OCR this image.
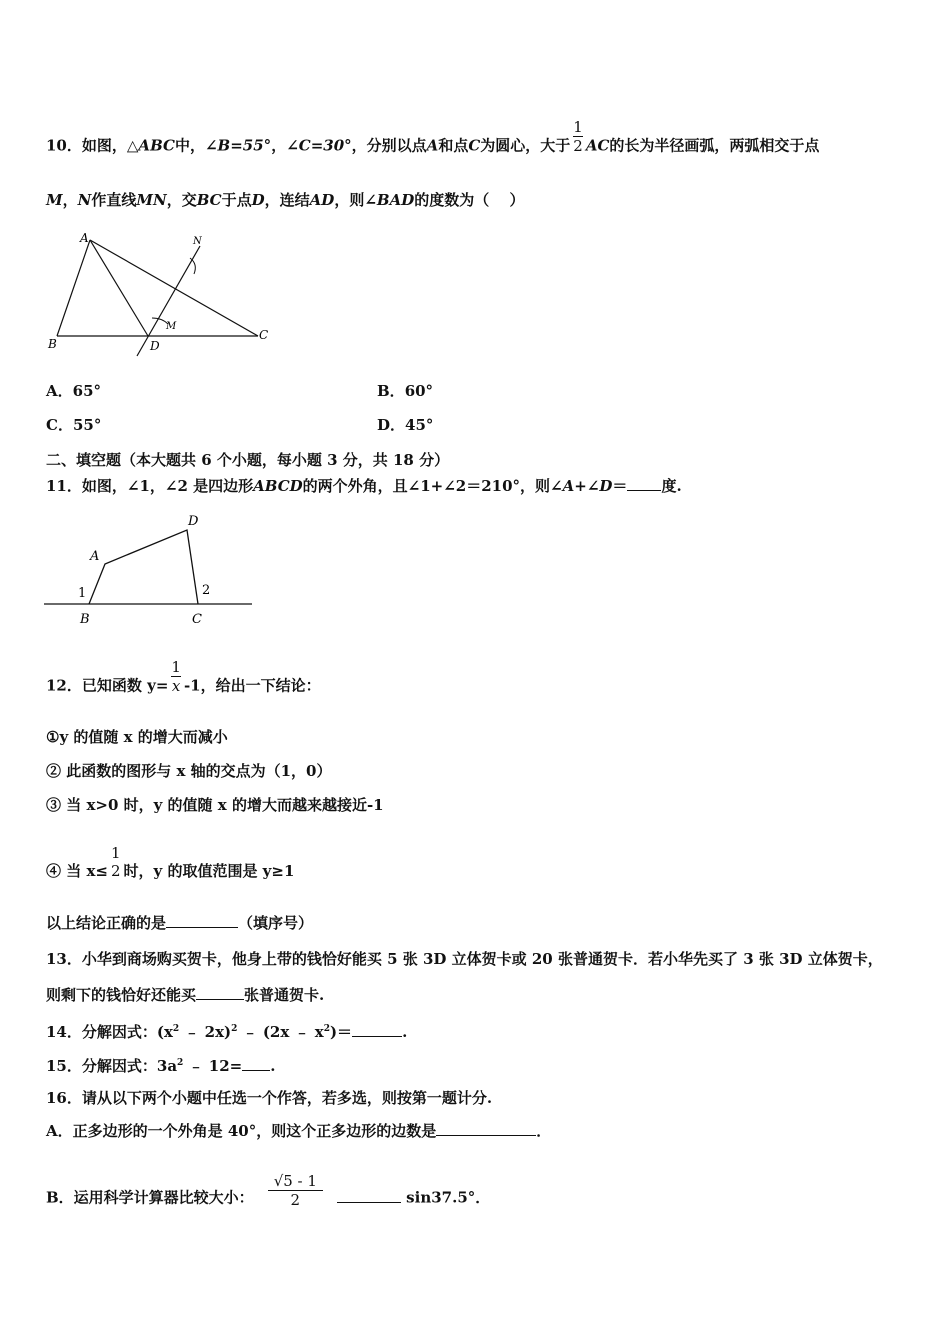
10．如图，△ABC中，∠B=55°，∠C=30°，分别以点A和点C为圆心，大于 $\frac{1}{2}$ AC的长为半径画弧，两弧相交于点
M，N作直线MN，交BC于点D，连结AD，则∠BAD的度数为（　 ）
A
B
C
D
M
N
A．65°	B．60°
C．55°	D．45°
二、填空题（本大题共 6 个小题，每小题 3 分，共 18 分）
11．如图，∠1，∠2 是四边形ABCD的两个外角，且∠1+∠2＝210°，则∠A+∠D＝ 度.
A
B	C
D
1	2
12．已知函数 $y= \frac{1}{x} -1$，给出一下结论：
①y 的值随 x 的增大而减小
② 此函数的图形与 x 轴的交点为（1，0）
③ 当 x>0 时，y 的值随 x 的增大而越来越接近-1
④ 当 x≤
1
2 时，y 的取值范围是 y≥1
以上结论正确的是	（填序号）
13．小华到商场购买贺卡，他身上带的钱恰好能买 5 张 3D 立体贺卡或 20 张普通贺卡．若小华先买了 3 张 3D 立体贺卡，
则剩下的钱恰好还能买	张普通贺卡.
14．分解因式：($x^2$ ﹣ 2x)$^2$ ﹣ (2x ﹣ $x^2)=$	.
15．分解因式：$3a^2$ ﹣ 12= .
16．请从以下两个小题中任选一个作答，若多选，则按第一题计分.
A．正多边形的一个外角是 40°，则这个正多边形的边数是	．
B．运用科学计算器比较大小： $\frac{√5 - 1}{2}$	sin37.5°．
